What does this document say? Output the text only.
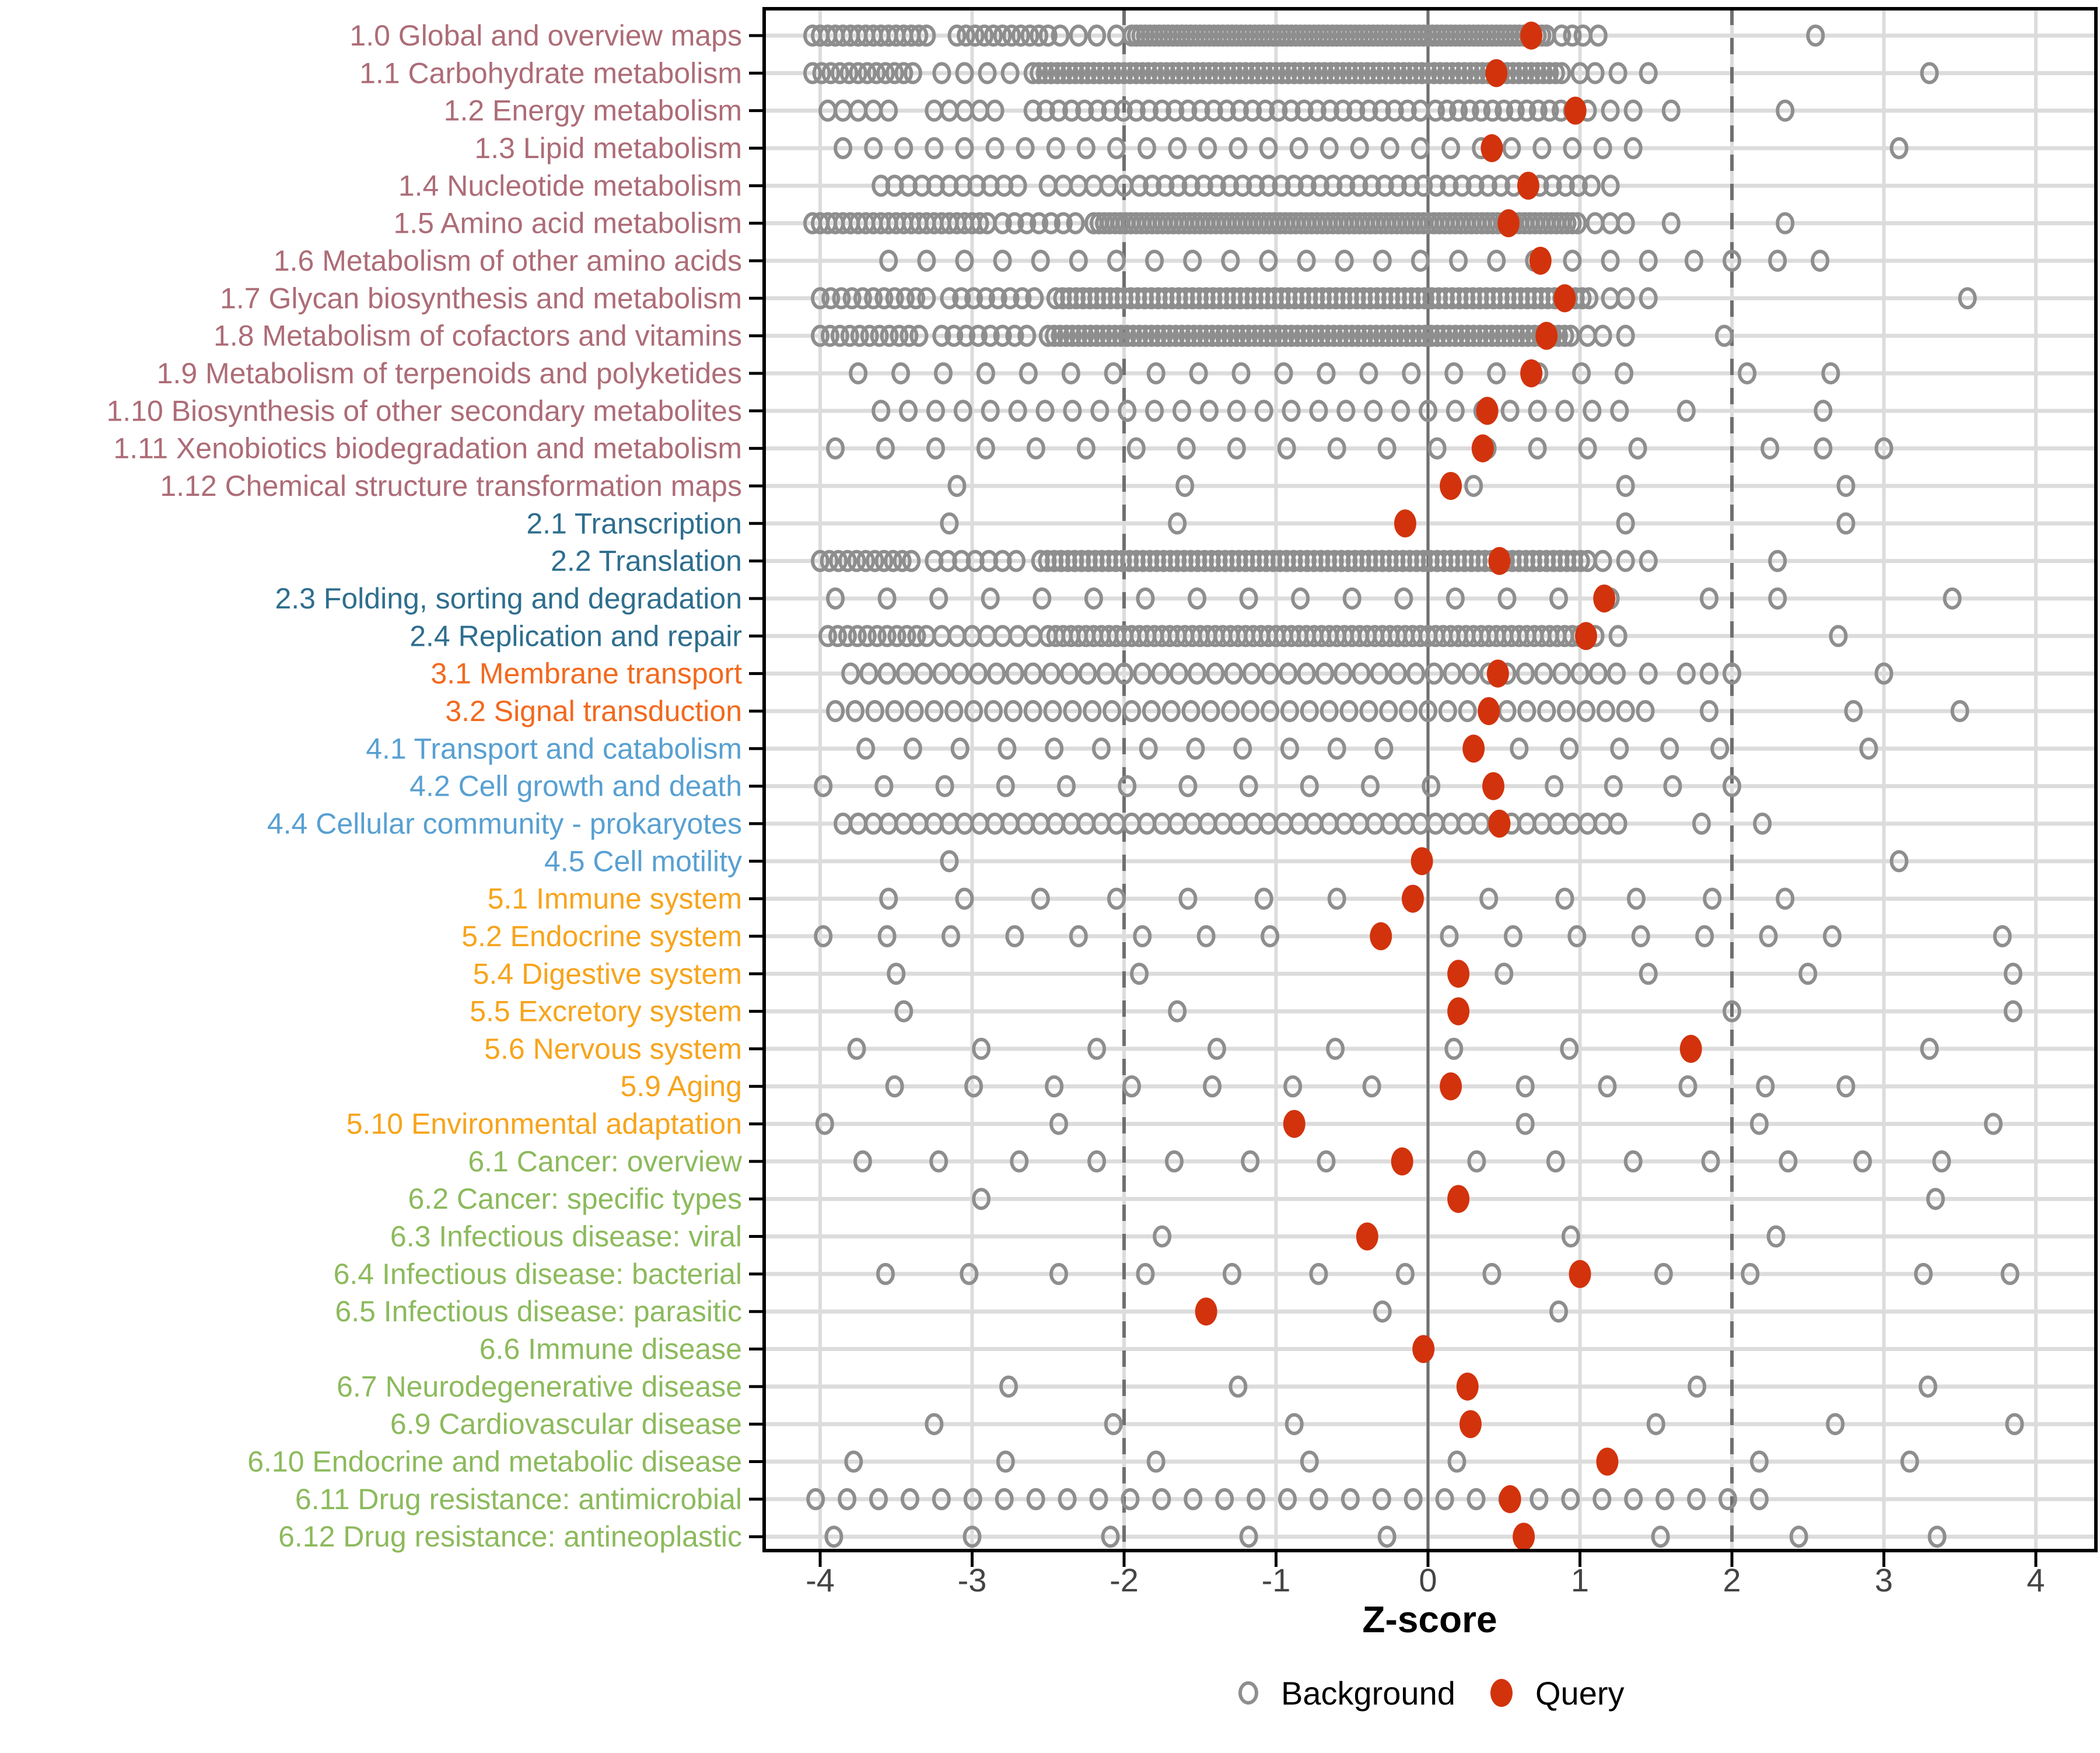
1.0 Global and overview maps
1.1 Carbohydrate metabolism
1.2 Energy metabolism
1.3 Lipid metabolism
1.4 Nucleotide metabolism
1.5 Amino acid metabolism
1.6 Metabolism of other amino acids
1.7 Glycan biosynthesis and metabolism
1.8 Metabolism of cofactors and vitamins
1.9 Metabolism of terpenoids and polyketides
1.10 Biosynthesis of other secondary metabolites
1.11 Xenobiotics biodegradation and metabolism
1.12 Chemical structure transformation maps
2.1 Transcription
2.2 Translation
2.3 Folding, sorting and degradation
2.4 Replication and repair
3.1 Membrane transport
3.2 Signal transduction
4.1 Transport and catabolism
4.2 Cell growth and death
4.4 Cellular community - prokaryotes
4.5 Cell motility
5.1 Immune system
5.2 Endocrine system
5.4 Digestive system
5.5 Excretory system
5.6 Nervous system
5.9 Aging
5.10 Environmental adaptation
6.1 Cancer: overview
6.2 Cancer: specific types
6.3 Infectious disease: viral
6.4 Infectious disease: bacterial
6.5 Infectious disease: parasitic
6.6 Immune disease
6.7 Neurodegenerative disease
6.9 Cardiovascular disease
6.10 Endocrine and metabolic disease
6.11 Drug resistance: antimicrobial
6.12 Drug resistance: antineoplastic
-4	-3	-2	-1	0	1	2	3	4
Z-score
Background Query
